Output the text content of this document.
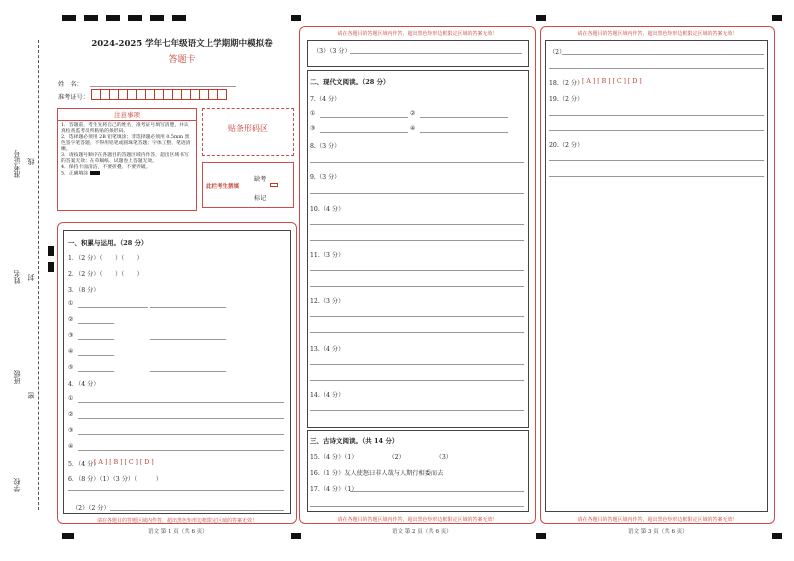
准考证号 线
姓名 封
班级
密
学校
2024-2025 学年七年级语文上学期期中模拟卷
答题卡
姓　名：
准考证号：
注意事项
1．答题前，考生先将自己的姓名，准考证号填写清楚，并认真检查监考员所粘贴的条形码。
2．选择题必须用 2B 铅笔填涂；非选择题必须用 0.5mm 黑色签字笔答题，不得用铅笔或圆珠笔答题；字体工整、笔迹清晰。
3．请按题号顺序在各题目的答题区域内作答，超出区域书写的答案无效；在草稿纸、试题卷上答题无效。
4．保持卡面清洁，不要折叠、不要弄破。
5．正确填涂
贴条形码区
此栏考生禁填
缺考
标记
一、积累与运用。（28 分）
1．（2 分）（　　）（　　）
2．（2 分）（　　）（　　）
3．（8 分）
①
②
③
④
⑤
4．（4 分）
①
②
③
④
5．（4 分）
[ A ] [ B ] [ C ] [ D ]
6．（8 分）（1）（3 分）（　　　）
（2）（2 分）
请在各题目的答题区域内作答，超出黑色矩形边框限定区域的答案无效！
语文 第 1 页（共 6 页）
请在各题目的答题区域内作答，超出黑色矩形边框限定区域的答案无效！
（3）（3 分）
二、现代文阅读。（28 分）
7.（4 分）
①	②
③	④
8.（3 分）
9.（3 分）
10.（4 分）
11.（3 分）
12.（3 分）
13.（4 分）
14.（4 分）
三、古诗文阅读。（共 14 分）
15.（4 分）（1）　　　　　　（2）　　　　　　（3）
16.（1 分）友人使怒曰非人哉与人期行相委而去
17.（4 分）（1）
请在各题目的答题区域内作答，超出黑色矩形边框限定区域的答案无效！
语文 第 2 页（共 6 页）
请在各题目的答题区域内作答，超出黑色矩形边框限定区域的答案无效！
（2）
18.（2 分）
[ A ] [ B ] [ C ] [ D ]
19.（2 分）
20.（2 分）
请在各题目的答题区域内作答，超出黑色矩形边框限定区域的答案无效！
语文 第 3 页（共 6 页）
